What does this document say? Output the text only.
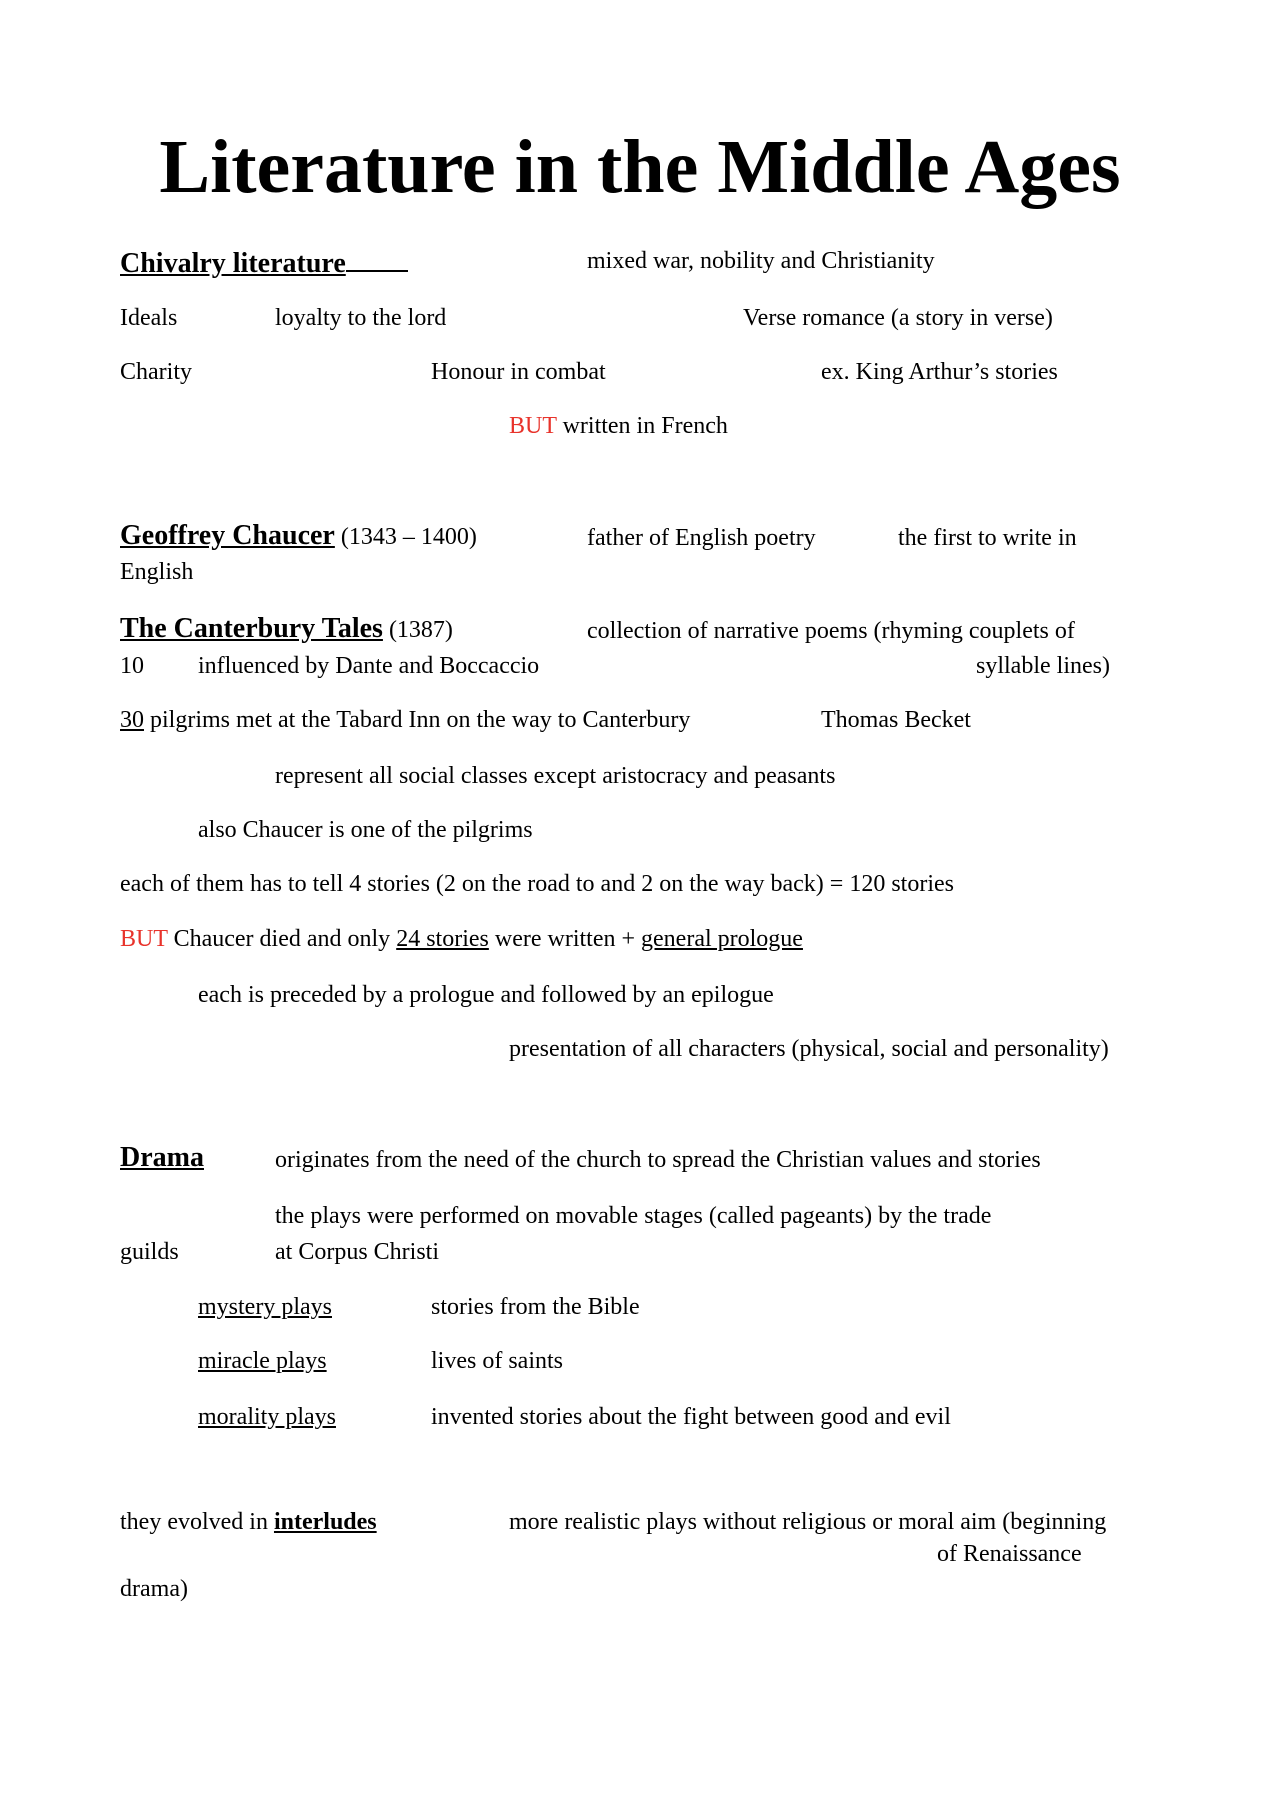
Literature in the Middle Ages
Chivalry literature	mixed war, nobility and Christianity
Ideals	loyalty to the lord	Verse romance (a story in verse)
Charity	Honour in combat	ex. King Arthur’s stories
BUT written in French
Geoffrey Chaucer (1343 – 1400)	father of English poetry	the first to write in
English
The Canterbury Tales (1387)	collection of narrative poems (rhyming couplets of
10 influenced by Dante and Boccaccio	syllable lines)
30 pilgrims met at the Tabard Inn on the way to Canterbury	Thomas Becket
represent all social classes except aristocracy and peasants
also Chaucer is one of the pilgrims
each of them has to tell 4 stories (2 on the road to and 2 on the way back) = 120 stories
BUT Chaucer died and only 24 stories were written + general prologue
each is preceded by a prologue and followed by an epilogue
presentation of all characters (physical, social and personality)
Drama	originates from the need of the church to spread the Christian values and stories
the plays were performed on movable stages (called pageants) by the trade
guilds	at Corpus Christi
mystery plays	stories from the Bible
miracle plays	lives of saints
morality plays	invented stories about the fight between good and evil
they evolved in interludes	more realistic plays without religious or moral aim (beginning
of Renaissance
drama)
